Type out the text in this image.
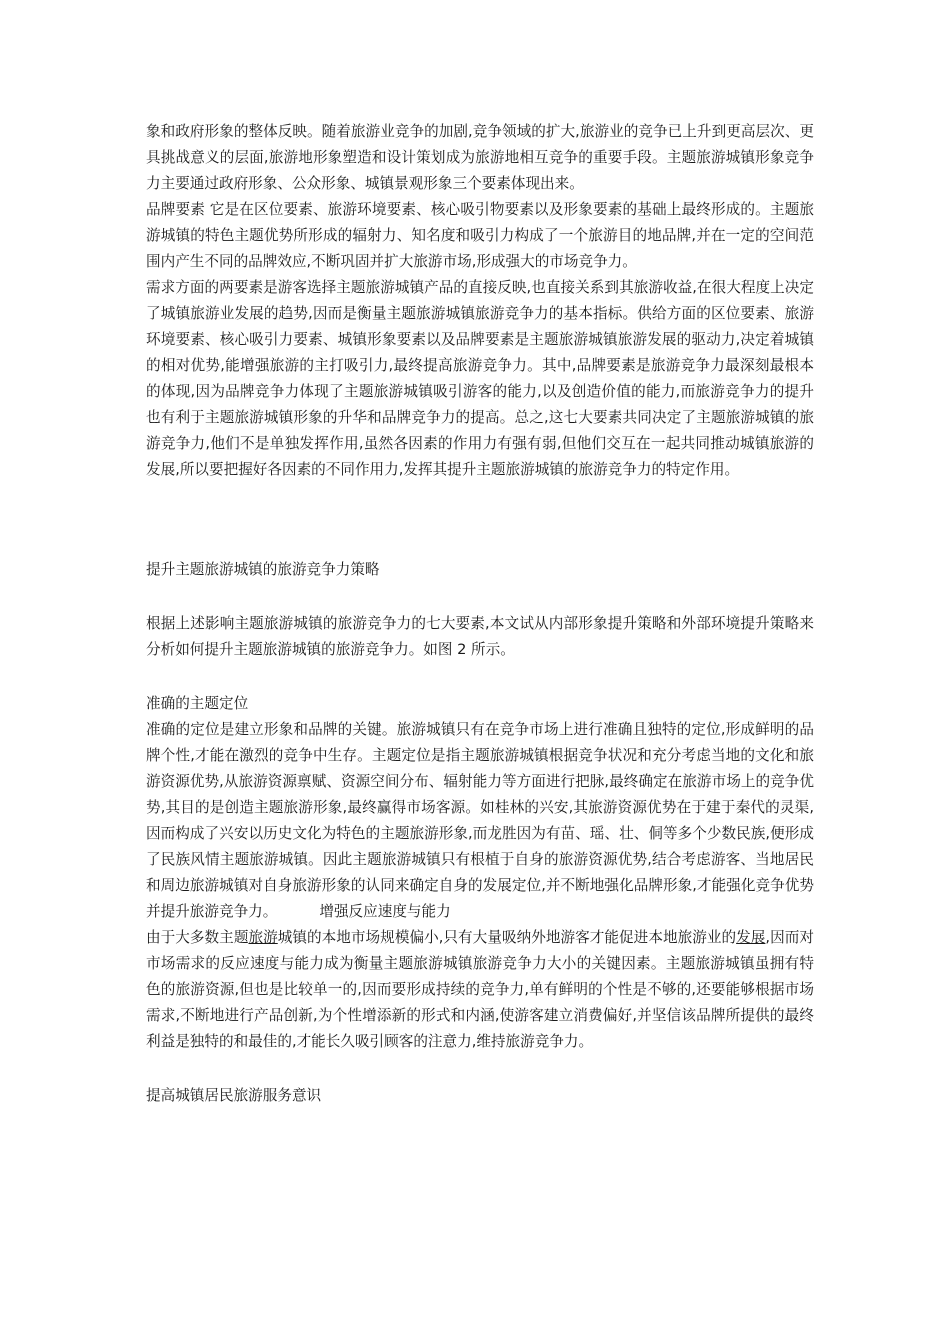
象和政府形象的整体反映。随着旅游业竞争的加剧,竞争领域的扩大,旅游业的竞争已上升到更高层次、更具挑战意义的层面,旅游地形象塑造和设计策划成为旅游地相互竞争的重要手段。主题旅游城镇形象竞争力主要通过政府形象、公众形象、城镇景观形象三个要素体现出来。

品牌要素 它是在区位要素、旅游环境要素、核心吸引物要素以及形象要素的基础上最终形成的。主题旅游城镇的特色主题优势所形成的辐射力、知名度和吸引力构成了一个旅游目的地品牌,并在一定的空间范围内产生不同的品牌效应,不断巩固并扩大旅游市场,形成强大的市场竞争力。

需求方面的两要素是游客选择主题旅游城镇产品的直接反映,也直接关系到其旅游收益,在很大程度上决定了城镇旅游业发展的趋势,因而是衡量主题旅游城镇旅游竞争力的基本指标。供给方面的区位要素、旅游环境要素、核心吸引力要素、城镇形象要素以及品牌要素是主题旅游城镇旅游发展的驱动力,决定着城镇的相对优势,能增强旅游的主打吸引力,最终提高旅游竞争力。其中,品牌要素是旅游竞争力最深刻最根本的体现,因为品牌竞争力体现了主题旅游城镇吸引游客的能力,以及创造价值的能力,而旅游竞争力的提升也有利于主题旅游城镇形象的升华和品牌竞争力的提高。总之,这七大要素共同决定了主题旅游城镇的旅游竞争力,他们不是单独发挥作用,虽然各因素的作用力有强有弱,但他们交互在一起共同推动城镇旅游的发展,所以要把握好各因素的不同作用力,发挥其提升主题旅游城镇的旅游竞争力的特定作用。

提升主题旅游城镇的旅游竞争力策略

根据上述影响主题旅游城镇的旅游竞争力的七大要素,本文试从内部形象提升策略和外部环境提升策略来分析如何提升主题旅游城镇的旅游竞争力。如图 2 所示。

准确的主题定位

准确的定位是建立形象和品牌的关键。旅游城镇只有在竞争市场上进行准确且独特的定位,形成鲜明的品牌个性,才能在激烈的竞争中生存。主题定位是指主题旅游城镇根据竞争状况和充分考虑当地的文化和旅游资源优势,从旅游资源禀赋、资源空间分布、辐射能力等方面进行把脉,最终确定在旅游市场上的竞争优势,其目的是创造主题旅游形象,最终赢得市场客源。如桂林的兴安,其旅游资源优势在于建于秦代的灵渠,因而构成了兴安以历史文化为特色的主题旅游形象,而龙胜因为有苗、瑶、壮、侗等多个少数民族,便形成了民族风情主题旅游城镇。因此主题旅游城镇只有根植于自身的旅游资源优势,结合考虑游客、当地居民和周边旅游城镇对自身旅游形象的认同来确定自身的发展定位,并不断地强化品牌形象,才能强化竞争优势并提升旅游竞争力。	增强反应速度与能力

由于大多数主题旅游城镇的本地市场规模偏小,只有大量吸纳外地游客才能促进本地旅游业的发展,因而对市场需求的反应速度与能力成为衡量主题旅游城镇旅游竞争力大小的关键因素。主题旅游城镇虽拥有特色的旅游资源,但也是比较单一的,因而要形成持续的竞争力,单有鲜明的个性是不够的,还要能够根据市场需求,不断地进行产品创新,为个性增添新的形式和内涵,使游客建立消费偏好,并坚信该品牌所提供的最终利益是独特的和最佳的,才能长久吸引顾客的注意力,维持旅游竞争力。

提高城镇居民旅游服务意识
